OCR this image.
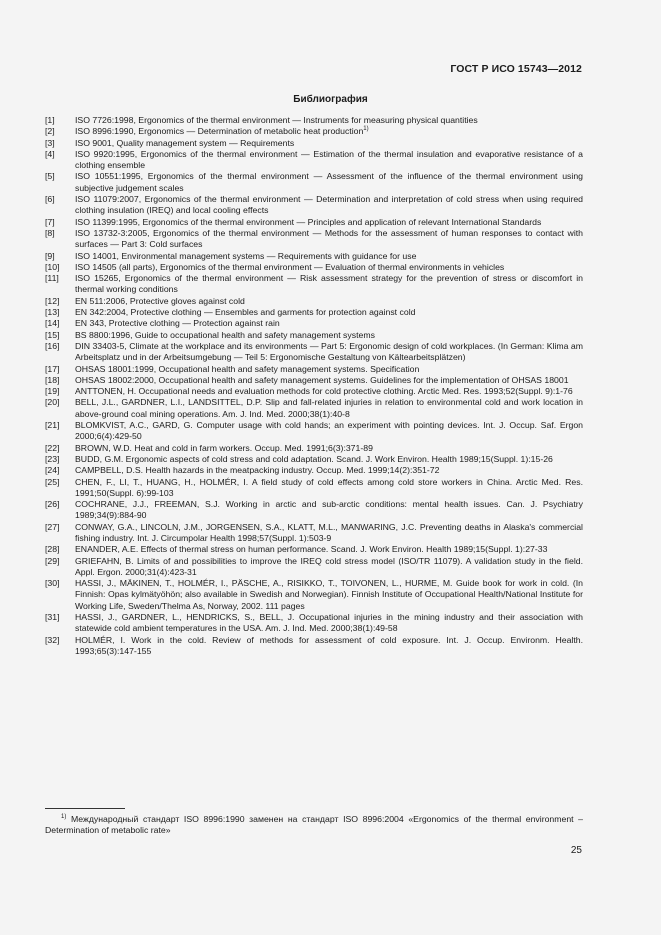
ГОСТ Р ИСО 15743—2012
Библиография
[1]	ISO 7726:1998, Ergonomics of the thermal environment — Instruments for measuring physical quantities
[2]	ISO 8996:1990, Ergonomics — Determination of metabolic heat production$^{1)}$
[3]	ISO 9001, Quality management system — Requirements
[4]	ISO 9920:1995, Ergonomics of the thermal environment — Estimation of the thermal insulation and evaporative resistance of a clothing ensemble
[5]	ISO 10551:1995, Ergonomics of the thermal environment — Assessment of the influence of the thermal environment using subjective judgement scales
[6]	ISO 11079:2007, Ergonomics of the thermal environment — Determination and interpretation of cold stress when using required clothing insulation (IREQ) and local cooling effects
[7]	ISO 11399:1995, Ergonomics of the thermal environment — Principles and application of relevant International Standards
[8]	ISO 13732-3:2005, Ergonomics of the thermal environment — Methods for the assessment of human responses to contact with surfaces — Part 3: Cold surfaces
[9]	ISO 14001, Environmental management systems — Requirements with guidance for use
[10]	ISO 14505 (all parts), Ergonomics of the thermal environment — Evaluation of thermal environments in vehicles
[11]	ISO 15265, Ergonomics of the thermal environment — Risk assessment strategy for the prevention of stress or discomfort in thermal working conditions
[12]	EN 511:2006, Protective gloves against cold
[13]	EN 342:2004, Protective clothing — Ensembles and garments for protection against cold
[14]	EN 343, Protective clothing — Protection against rain
[15]	BS 8800:1996, Guide to occupational health and safety management systems
[16]	DIN 33403-5, Climate at the workplace and its environments — Part 5: Ergonomic design of cold workplaces. (In German: Klima am Arbeitsplatz und in der Arbeitsumgebung — Teil 5: Ergonomische Gestaltung von Kältearbeitsplätzen)
[17]	OHSAS 18001:1999, Occupational health and safety management systems. Specification
[18]	OHSAS 18002:2000, Occupational health and safety management systems. Guidelines for the implementation of OHSAS 18001
[19]	ANTTONEN, H. Occupational needs and evaluation methods for cold protective clothing. Arctic Med. Res. 1993;52(Suppl. 9):1-76
[20]	BELL, J.L., GARDNER, L.I., LANDSITTEL, D.P. Slip and fall-related injuries in relation to environmental cold and work location in above-ground coal mining operations. Am. J. Ind. Med. 2000;38(1):40-8
[21]	BLOMKVIST, A.C., GARD, G. Computer usage with cold hands; an experiment with pointing devices. Int. J. Occup. Saf. Ergon 2000;6(4):429-50
[22]	BROWN, W.D. Heat and cold in farm workers. Occup. Med. 1991;6(3):371-89
[23]	BUDD, G.M. Ergonomic aspects of cold stress and cold adaptation. Scand. J. Work Environ. Health 1989;15(Suppl. 1):15-26
[24]	CAMPBELL, D.S. Health hazards in the meatpacking industry. Occup. Med. 1999;14(2):351-72
[25]	CHEN, F., LI, T., HUANG, H., HOLMÉR, I. A field study of cold effects among cold store workers in China. Arctic Med. Res. 1991;50(Suppl. 6):99-103
[26]	COCHRANE, J.J., FREEMAN, S.J. Working in arctic and sub-arctic conditions: mental health issues. Can. J. Psychiatry 1989;34(9):884-90
[27]	CONWAY, G.A., LINCOLN, J.M., JORGENSEN, S.A., KLATT, M.L., MANWARING, J.C. Preventing deaths in Alaska's commercial fishing industry. Int. J. Circumpolar Health 1998;57(Suppl. 1):503-9
[28]	ENANDER, A.E. Effects of thermal stress on human performance. Scand. J. Work Environ. Health 1989;15(Suppl. 1):27-33
[29]	GRIEFAHN, B. Limits of and possibilities to improve the IREQ cold stress model (ISO/TR 11079). A validation study in the field. Appl. Ergon. 2000;31(4):423-31
[30]	HASSI, J., MÄKINEN, T., HOLMÉR, I., PÄSCHE, A., RISIKKO, T., TOIVONEN, L., HURME, M. Guide book for work in cold. (In Finnish: Opas kylmätyöhön; also available in Swedish and Norwegian). Finnish Institute of Occupational Health/National Institute for Working Life, Sweden/Thelma As, Norway, 2002. 111 pages
[31]	HASSI, J., GARDNER, L., HENDRICKS, S., BELL, J. Occupational injuries in the mining industry and their association with statewide cold ambient temperatures in the USA. Am. J. Ind. Med. 2000;38(1):49-58
[32]	HOLMÉR, I. Work in the cold. Review of methods for assessment of cold exposure. Int. J. Occup. Environm. Health. 1993;65(3):147-155
$^{1)}$ Международный стандарт ISO 8996:1990 заменен на стандарт ISO 8996:2004 «Ergonomics of the thermal environment – Determination of metabolic rate»
25
